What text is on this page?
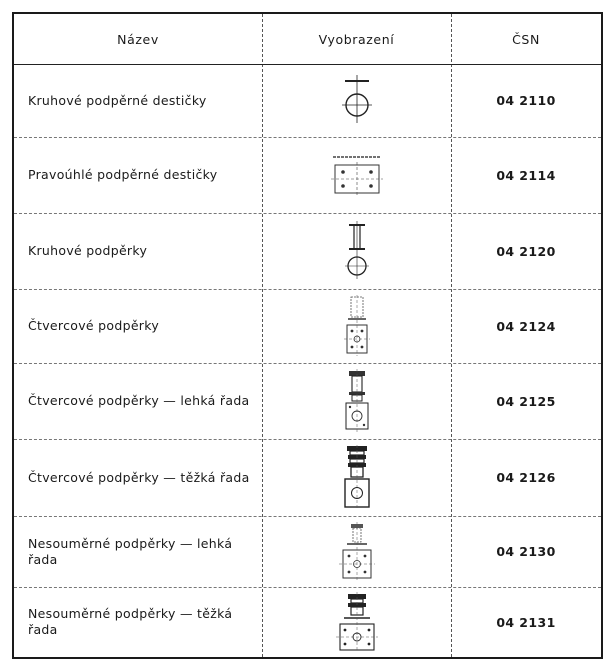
Název	Vyobrazení	ČSN
Kruhové podpěrné destičky	04 2110
Pravoúhlé podpěrné destičky	04 2114
Kruhové podpěrky	04 2120
Čtvercové podpěrky	04 2124
Čtvercové podpěrky — lehká řada	04 2125
Čtvercové podpěrky — těžká řada	04 2126
Nesouměrné podpěrky — lehká řada	04 2130
Nesouměrné podpěrky — těžká řada	04 2131
